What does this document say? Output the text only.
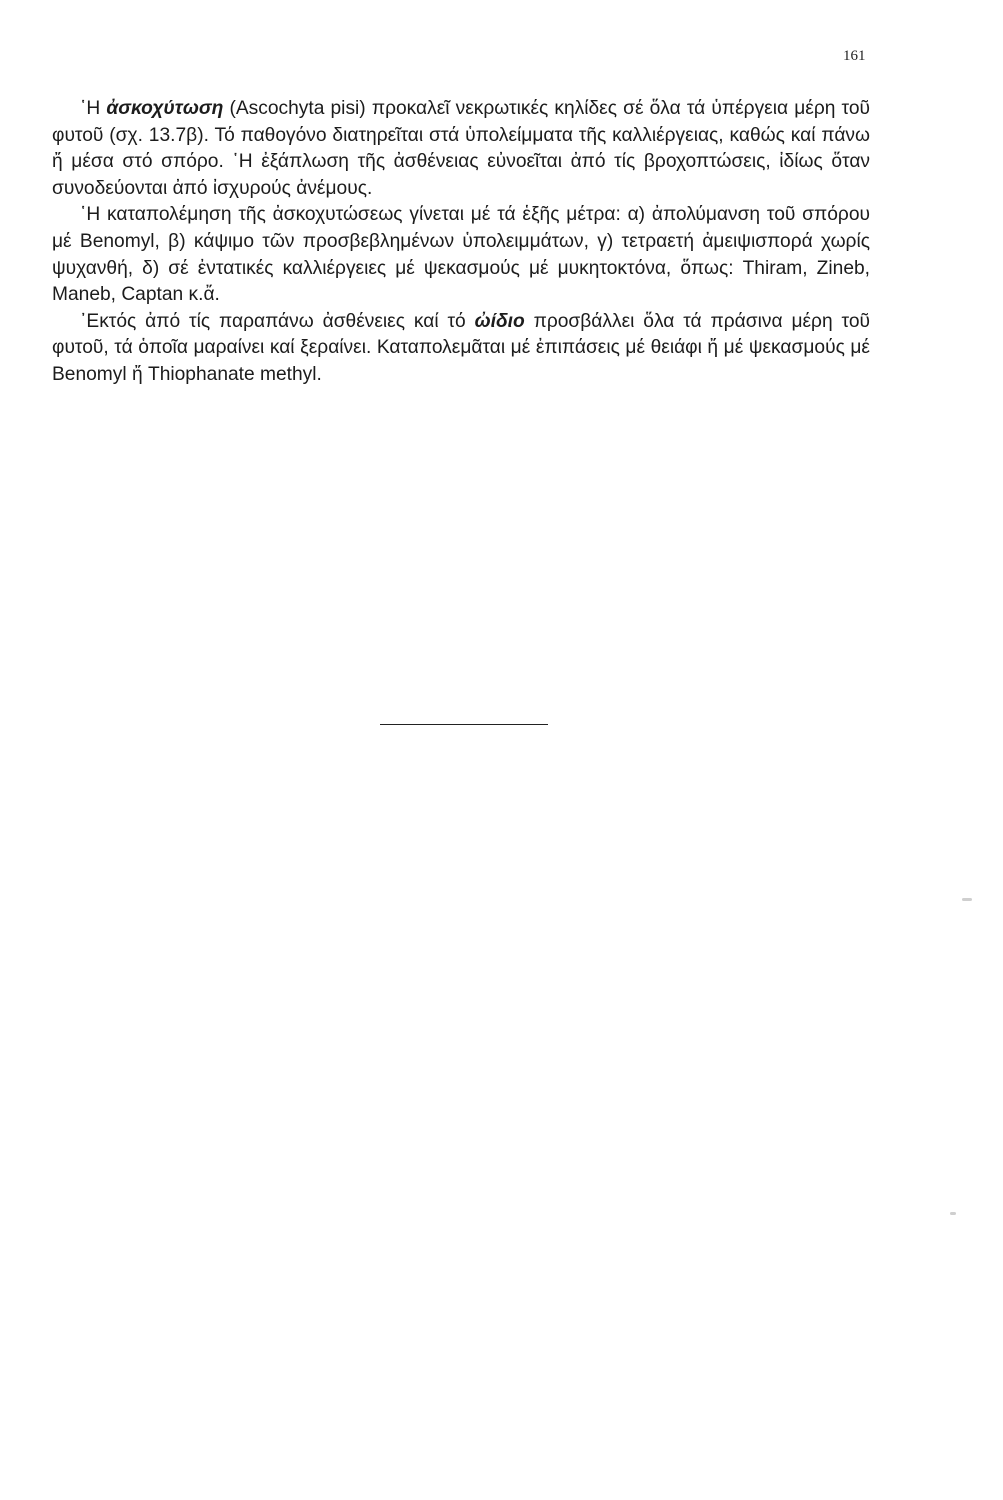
161

῾Η ἀσκοχύτωση (Ascochyta pisi) προκαλεῖ νεκρωτικές κηλίδες σέ ὅλα τά ὑπέργεια μέρη τοῦ φυτοῦ (σχ. 13.7β). Τό παθογόνο διατηρεῖται στά ὑπολείμματα τῆς καλλιέργειας, καθώς καί πάνω ἤ μέσα στό σπόρο. ῾Η ἐξάπλωση τῆς ἀσθένειας εὐνοεῖται ἀπό τίς βροχοπτώσεις, ἰδίως ὅταν συνοδεύονται ἀπό ἰσχυρούς ἀνέμους.

῾Η καταπολέμηση τῆς ἀσκοχυτώσεως γίνεται μέ τά ἑξῆς μέτρα: α) ἀπολύμανση τοῦ σπόρου μέ Benomyl, β) κάψιμο τῶν προσβεβλημένων ὑπολειμμάτων, γ) τετραετή ἀμειψισπορά χωρίς ψυχανθή, δ) σέ ἐντατικές καλλιέργειες μέ ψεκασμούς μέ μυκητοκτόνα, ὅπως: Thiram, Zineb, Maneb, Captan κ.ἄ.

᾿Εκτός ἀπό τίς παραπάνω ἀσθένειες καί τό ὠίδιο προσβάλλει ὅλα τά πράσινα μέρη τοῦ φυτοῦ, τά ὁποῖα μαραίνει καί ξεραίνει. Καταπολεμᾶται μέ ἐπιπάσεις μέ θειάφι ἤ μέ ψεκασμούς μέ Benomyl ἤ Thiophanate methyl.
